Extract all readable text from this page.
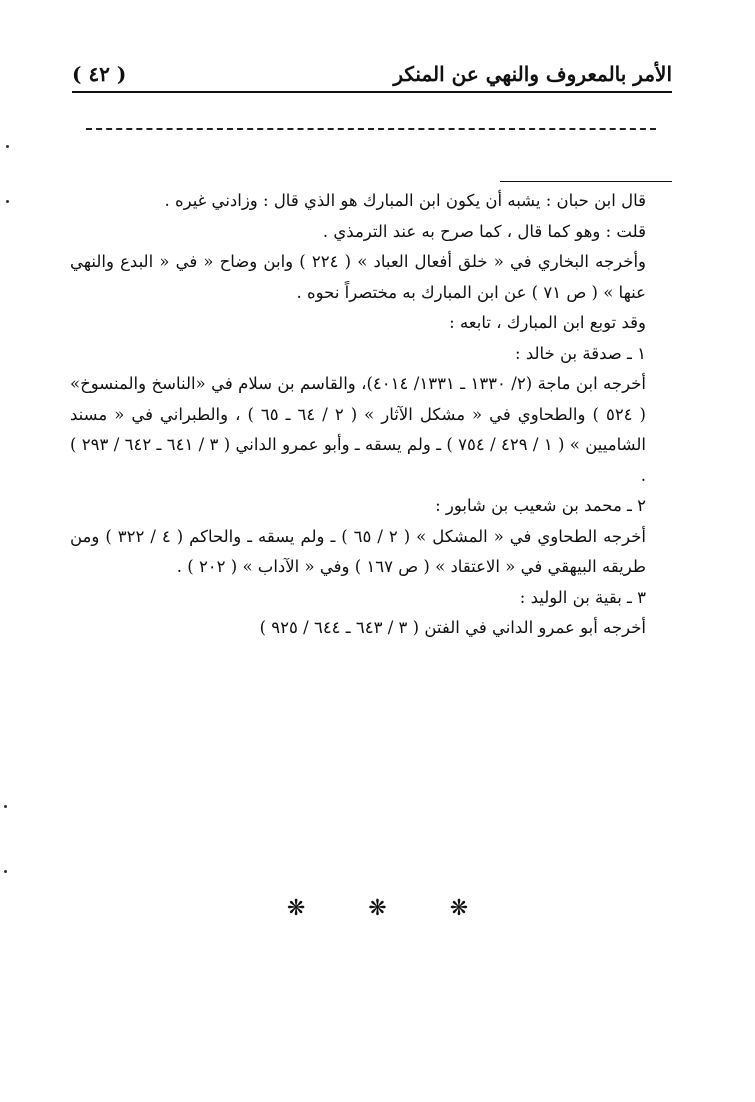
الأمر بالمعروف والنهي عن المنكر
( ٤٢ )

قال ابن حبان : يشبه أن يكون ابن المبارك هو الذي قال : وزادني غيره .

قلت : وهو كما قال ، كما صرح به عند الترمذي .

وأخرجه البخاري في « خلق أفعال العباد » ( ٢٢٤ ) وابن وضاح « في « البدع والنهي عنها » ( ص ٧١ ) عن ابن المبارك به مختصراً نحوه .

وقد توبع ابن المبارك ، تابعه :

١ ـ صدقة بن خالد :

أخرجه ابن ماجة (٢/ ١٣٣٠ ـ ١٣٣١/ ٤٠١٤)، والقاسم بن سلام في «الناسخ والمنسوخ» ( ٥٢٤ ) والطحاوي في « مشكل الآثار » ( ٢ / ٦٤ ـ ٦٥ ) ، والطبراني في « مسند الشاميين » ( ١ / ٤٢٩ / ٧٥٤ ) ـ ولم يسقه ـ وأبو عمرو الداني ( ٣ / ٦٤١ ـ ٦٤٢ / ٢٩٣ ) .

٢ ـ محمد بن شعيب بن شابور :

أخرجه الطحاوي في « المشكل » ( ٢ / ٦٥ ) ـ ولم يسقه ـ والحاكم ( ٤ / ٣٢٢ ) ومن طريقه البيهقي في « الاعتقاد » ( ص ١٦٧ ) وفي « الآداب » ( ٢٠٢ ) .

٣ ـ بقية بن الوليد :

أخرجه أبو عمرو الداني في الفتن ( ٣ / ٦٤٣ ـ ٦٤٤ / ٩٢٥ )

❋ ❋ ❋
